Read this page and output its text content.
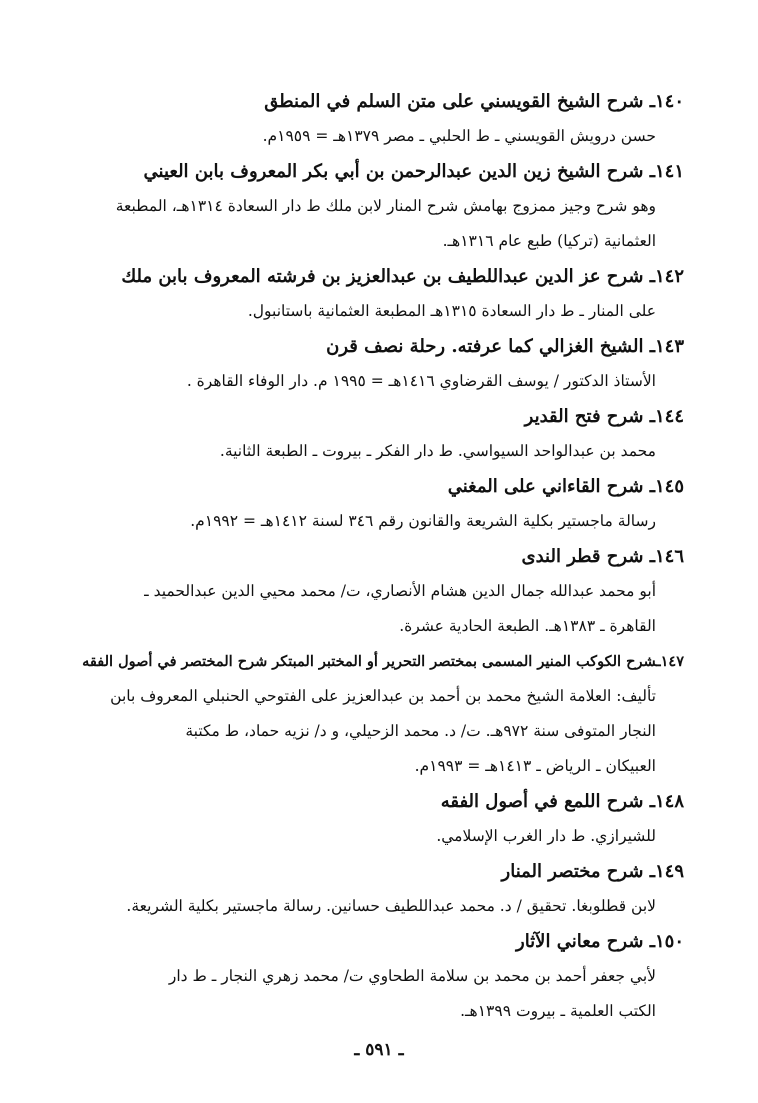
١٤٠ـ شرح الشيخ القويسني على متن السلم في المنطق
حسن درويش القويسني ـ ط الحلبي ـ مصر ١٣٧٩هـ = ١٩٥٩م.
١٤١ـ شرح الشيخ زين الدين عبدالرحمن بن أبي بكر المعروف بابن العيني
وهو شرح وجيز ممزوج بهامش شرح المنار لابن ملك ط دار السعادة ١٣١٤هـ، المطبعة
العثمانية (تركيا) طبع عام ١٣١٦هـ.
١٤٢ـ شرح عز الدين عبداللطيف بن عبدالعزيز بن فرشته المعروف بابن ملك
على المنار ـ ط دار السعادة ١٣١٥هـ المطبعة العثمانية باستانبول.
١٤٣ـ الشيخ الغزالي كما عرفته. رحلة نصف قرن
الأستاذ الدكتور / يوسف القرضاوي ١٤١٦هـ = ١٩٩٥ م. دار الوفاء القاهرة .
١٤٤ـ شرح فتح القدير
محمد بن عبدالواحد السيواسي. ط دار الفكر ـ بيروت ـ الطبعة الثانية.
١٤٥ـ شرح القاءاني على المغني
رسالة ماجستير بكلية الشريعة والقانون رقم ٣٤٦ لسنة ١٤١٢هـ = ١٩٩٢م.
١٤٦ـ شرح قطر الندى
أبو محمد عبدالله جمال الدين هشام الأنصاري، ت/ محمد محيي الدين عبدالحميد ـ
القاهرة ـ ١٣٨٣هـ. الطبعة الحادية عشرة.
١٤٧ـشرح الكوكب المنير المسمى بمختصر التحرير أو المختبر المبتكر شرح المختصر في أصول الفقه
تأليف: العلامة الشيخ محمد بن أحمد بن عبدالعزيز على الفتوحي الحنبلي المعروف بابن
النجار المتوفى سنة ٩٧٢هـ. ت/ د. محمد الزحيلي، و د/ نزيه حماد، ط مكتبة
العبيكان ـ الرياض ـ ١٤١٣هـ = ١٩٩٣م.
١٤٨ـ شرح اللمع في أصول الفقه
للشيرازي. ط دار الغرب الإسلامي.
١٤٩ـ شرح مختصر المنار
لابن قطلوبغا. تحقيق / د. محمد عبداللطيف حسانين. رسالة ماجستير بكلية الشريعة.
١٥٠ـ شرح معاني الآثار
لأبي جعفر أحمد بن محمد بن سلامة الطحاوي ت/ محمد زهري النجار ـ ط دار
الكتب العلمية ـ بيروت ١٣٩٩هـ.
ـ ٥٩١ ـ
